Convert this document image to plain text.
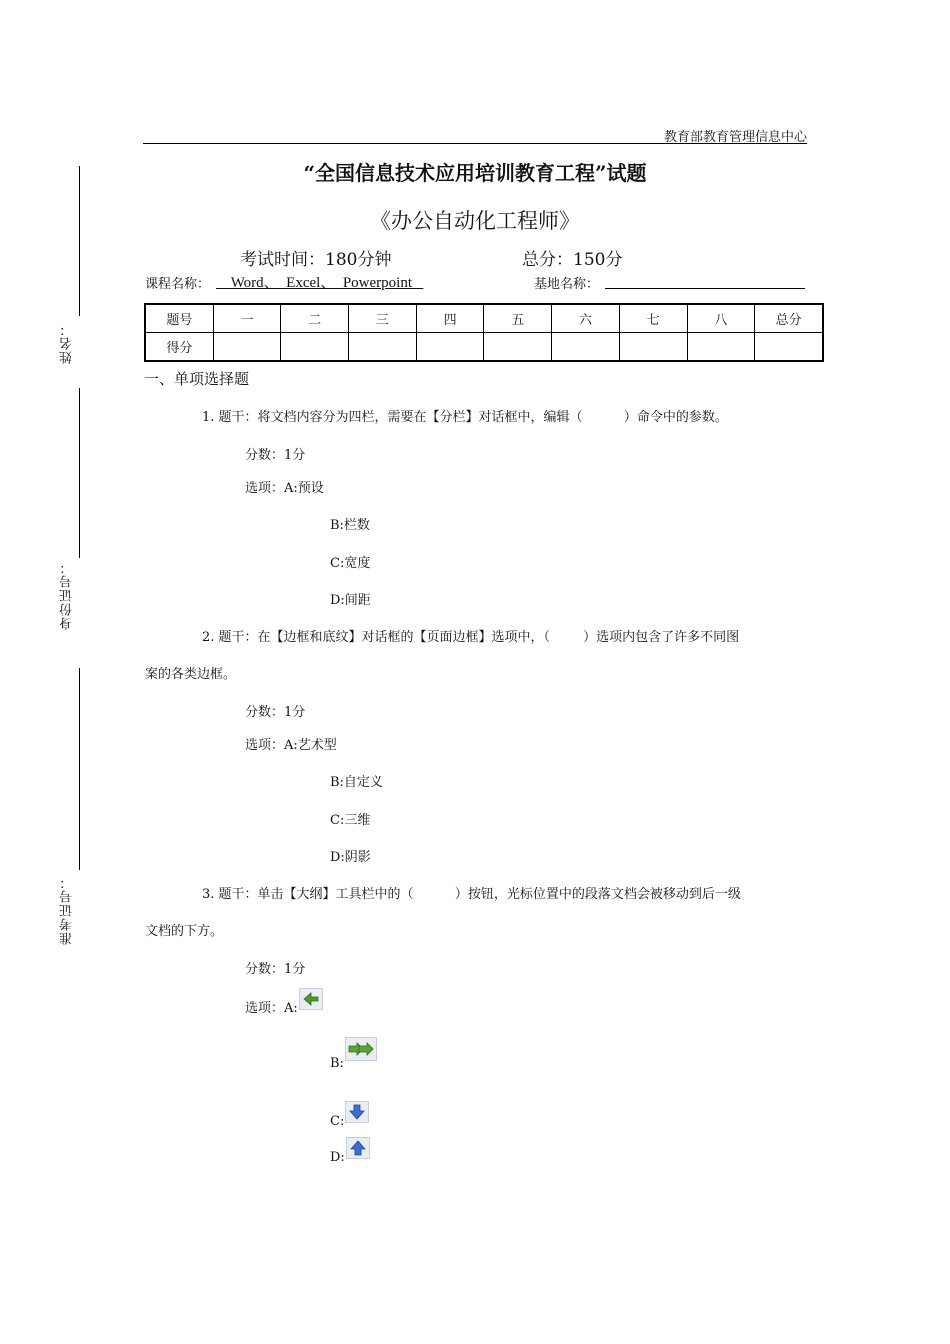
姓名：
身份证号：
准考证号：
教育部教育管理信息中心
“全国信息技术应用培训教育工程”试题
《办公自动化工程师》
考试时间：180分钟	总分：150分
课程名称： Word、  Excel、  Powerpoint	基地名称：
题号	一	二	三	四	五	六	七	八	总分
得分									
一、单项选择题
1. 题干：将文档内容分为四栏，需要在【分栏】对话框中，编辑（          ）命令中的参数。
分数：1分
选项：A:预设
B:栏数
C:宽度
D:间距
2. 题干：在【边框和底纹】对话框的【页面边框】选项中，（        ）选项内包含了许多不同图
案的各类边框。
分数：1分
选项：A:艺术型
B:自定义
C:三维
D:阴影
3. 题干：单击【大纲】工具栏中的（          ）按钮，光标位置中的段落文档会被移动到后一级
文档的下方。
分数：1分
选项：A:
B:
C:
D:
